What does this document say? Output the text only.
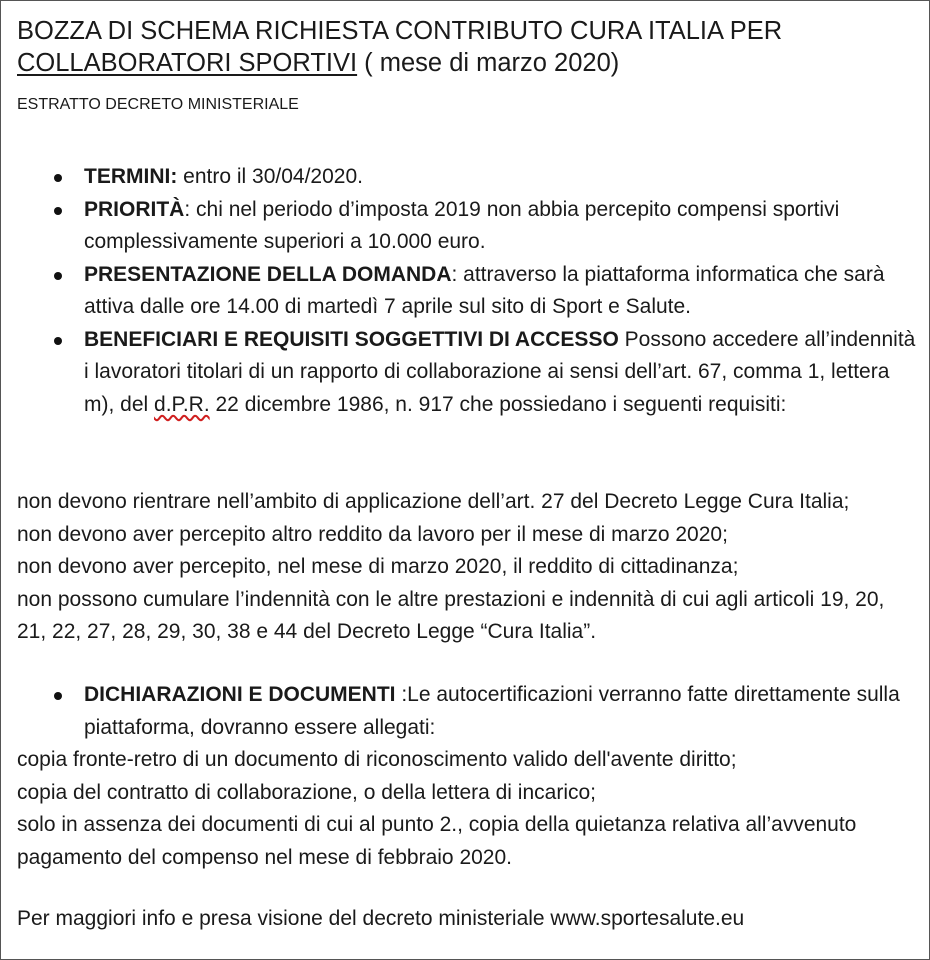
BOZZA DI SCHEMA RICHIESTA CONTRIBUTO CURA ITALIA PER
COLLABORATORI SPORTIVI ( mese di marzo 2020)
ESTRATTO DECRETO MINISTERIALE
TERMINI: entro il 30/04/2020.
PRIORITÀ: chi nel periodo d’imposta 2019 non abbia percepito compensi sportivi complessivamente superiori a 10.000 euro.
PRESENTAZIONE DELLA DOMANDA: attraverso la piattaforma informatica che sarà attiva dalle ore 14.00 di martedì 7 aprile sul sito di Sport e Salute.
BENEFICIARI E REQUISITI SOGGETTIVI DI ACCESSO Possono accedere all’indennità i lavoratori titolari di un rapporto di collaborazione ai sensi dell’art. 67, comma 1, lettera m), del d.P.R. 22 dicembre 1986, n. 917 che possiedano i seguenti requisiti:

non devono rientrare nell’ambito di applicazione dell’art. 27 del Decreto Legge Cura Italia;

non devono aver percepito altro reddito da lavoro per il mese di marzo 2020;

non devono aver percepito, nel mese di marzo 2020, il reddito di cittadinanza;

non possono cumulare l’indennità con le altre prestazioni e indennità di cui agli articoli 19, 20, 21, 22, 27, 28, 29, 30, 38 e 44 del Decreto Legge “Cura Italia”.

DICHIARAZIONI E DOCUMENTI :Le autocertificazioni verranno fatte direttamente sulla piattaforma, dovranno essere allegati:

copia fronte-retro di un documento di riconoscimento valido dell'avente diritto;

copia del contratto di collaborazione, o della lettera di incarico;

solo in assenza dei documenti di cui al punto 2., copia della quietanza relativa all’avvenuto pagamento del compenso nel mese di febbraio 2020.

Per maggiori info e presa visione del decreto ministeriale www.sportesalute.eu
